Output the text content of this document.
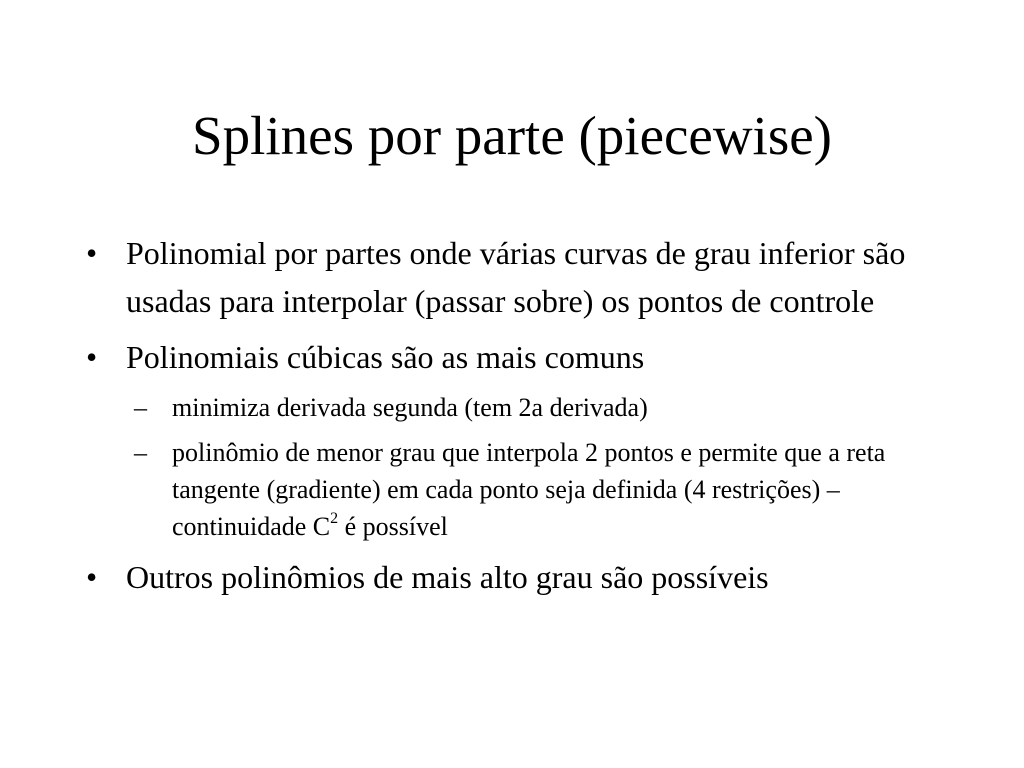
Splines por parte (piecewise)
• Polinomial por partes onde várias curvas de grau inferior são usadas para interpolar (passar sobre) os pontos de controle
• Polinomiais cúbicas são as mais comuns
– minimiza derivada segunda (tem 2a derivada)
– polinômio de menor grau que interpola 2 pontos e permite que a reta tangente (gradiente) em cada ponto seja definida (4 restrições) – continuidade $C^2$ é possível
• Outros polinômios de mais alto grau são possíveis
